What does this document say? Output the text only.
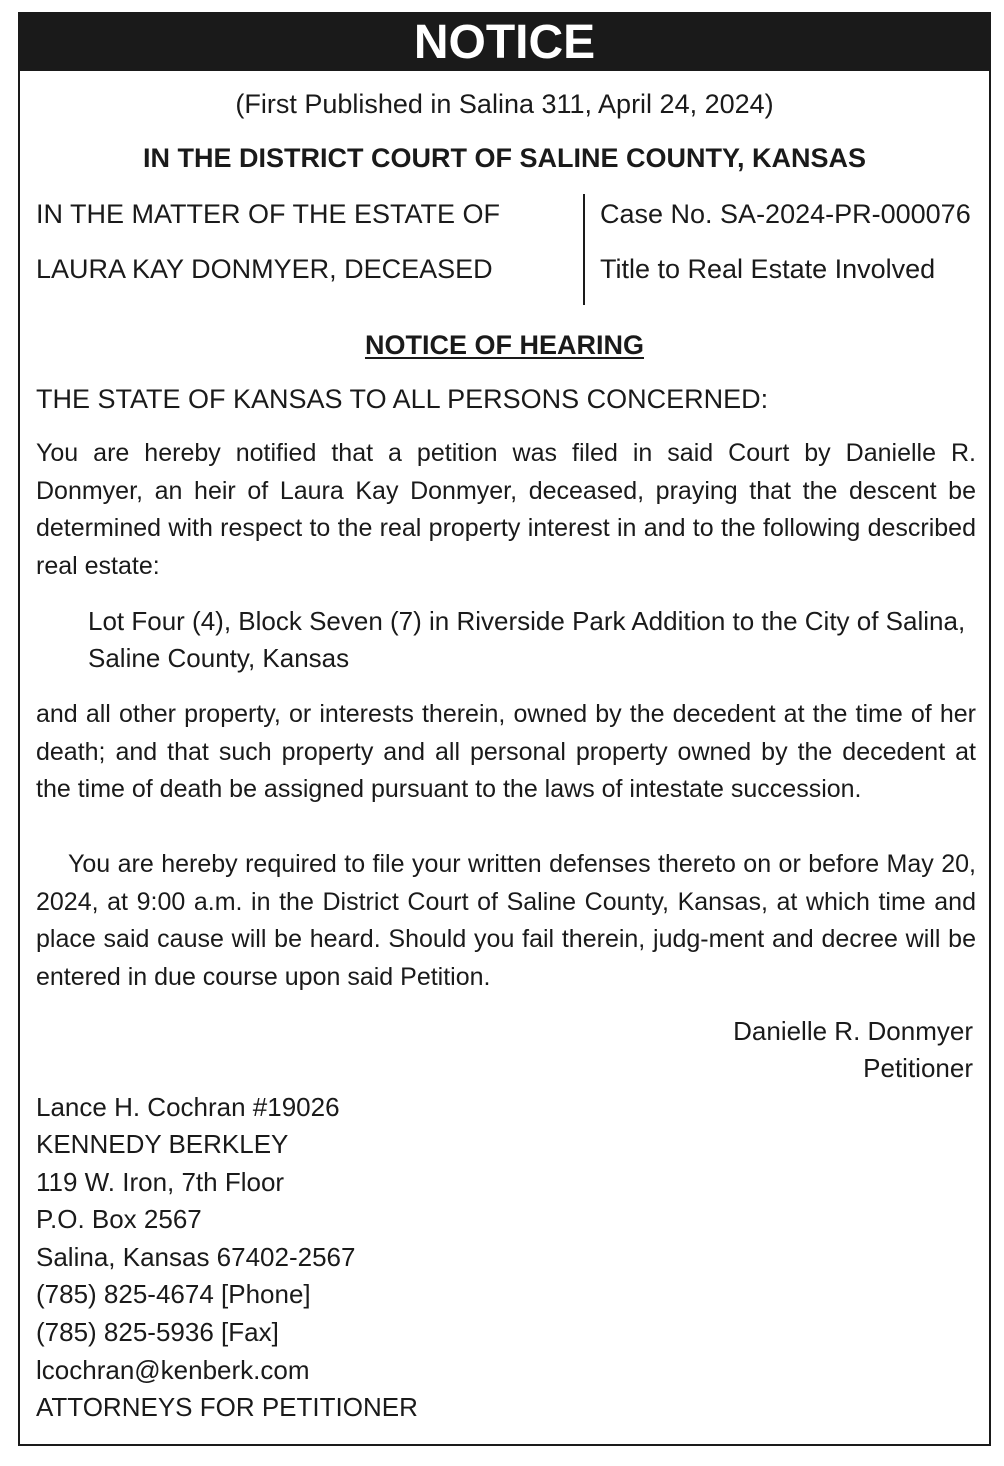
NOTICE
(First Published in Salina 311, April 24, 2024)
IN THE DISTRICT COURT OF SALINE COUNTY, KANSAS
IN THE MATTER OF THE ESTATE OF
LAURA KAY DONMYER, DECEASED
Case No. SA-2024-PR-000076
Title to Real Estate Involved
NOTICE OF HEARING
THE STATE OF KANSAS TO ALL PERSONS CONCERNED:
You are hereby notified that a petition was filed in said Court by Danielle R. Donmyer, an heir of Laura Kay Donmyer, deceased, praying that the descent be determined with respect to the real property interest in and to the following described real estate:
Lot Four (4), Block Seven (7) in Riverside Park Addition to the City of Salina,
Saline County, Kansas
and all other property, or interests therein, owned by the decedent at the time of her death; and that such property and all personal property owned by the decedent at the time of death be assigned pursuant to the laws of intestate succession.
You are hereby required to file your written defenses thereto on or before May 20, 2024, at 9:00 a.m. in the District Court of Saline County, Kansas, at which time and place said cause will be heard. Should you fail therein, judg-ment and decree will be entered in due course upon said Petition.
Danielle R. Donmyer
Petitioner
Lance H. Cochran #19026
KENNEDY BERKLEY
119 W. Iron, 7th Floor
P.O. Box 2567
Salina, Kansas 67402-2567
(785) 825-4674 [Phone]
(785) 825-5936 [Fax]
lcochran@kenberk.com
ATTORNEYS FOR PETITIONER
